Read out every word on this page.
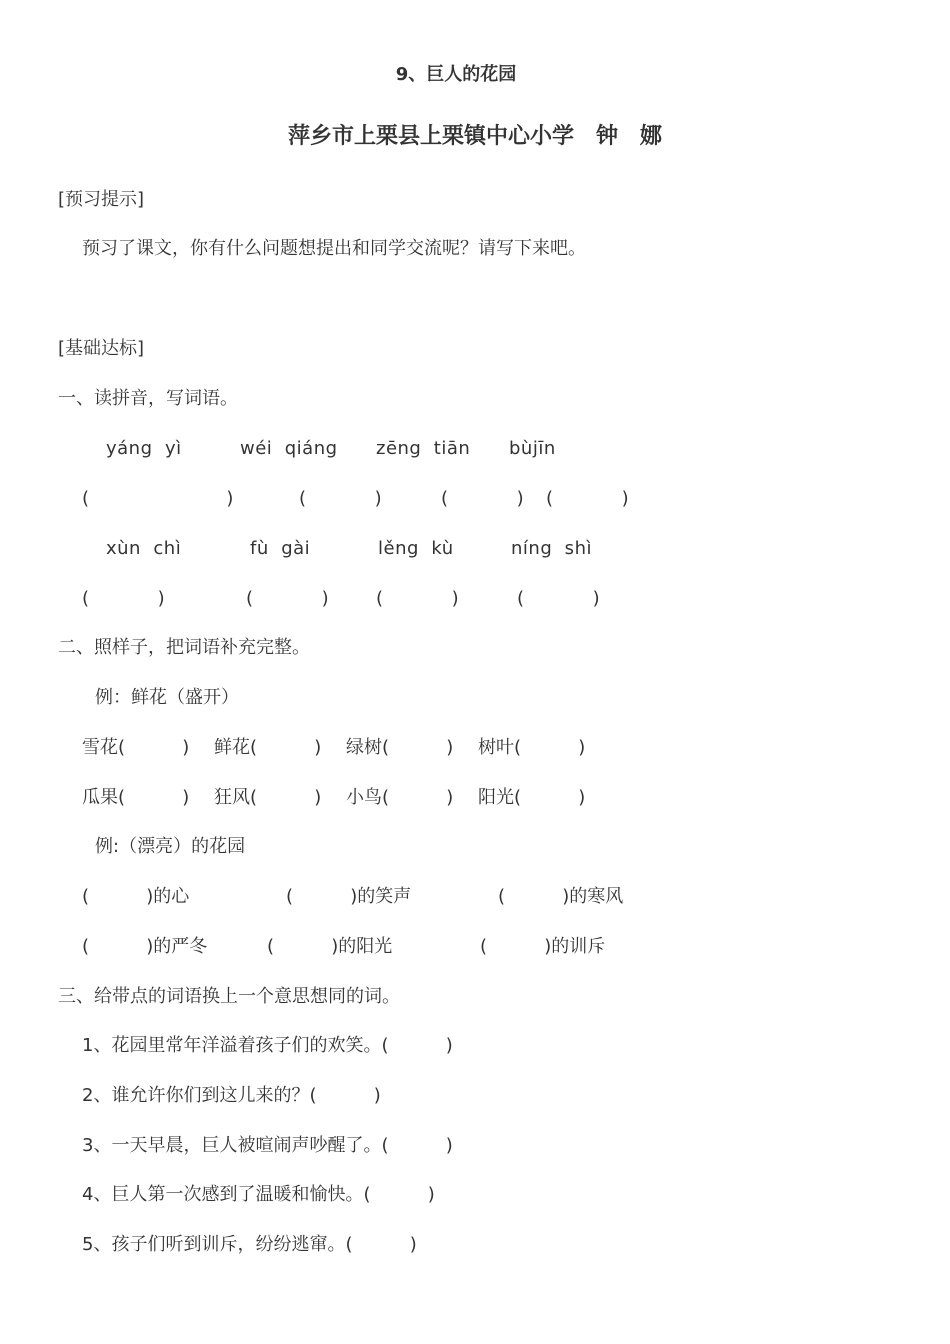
9、巨人的花园
萍乡市上栗县上栗镇中心小学　钟　娜
[预习提示]
预习了课文，你有什么问题想提出和同学交流呢？请写下来吧。
[基础达标]
一、读拼音，写词语。
yáng  yì	wéi  qiáng zēng  tiān bùjīn
(                        )	(            )	(            ) (            )
xùn  chì	fù  gài	lěng  kù	níng  shì
(            )	(            )	(            )	(            )
二、照样子，把词语补充完整。
例：鲜花（盛开）
雪花(          ) 鲜花(          ) 绿树(          ) 树叶(          )
瓜果(          ) 狂风(          ) 小鸟(          ) 阳光(          )
例:（漂亮）的花园
(          )的心	(          )的笑声	(          )的寒风
(          )的严冬	(          )的阳光	(          )的训斥
三、给带点的词语换上一个意思想同的词。
1、花园里常年洋溢着孩子们的欢笑。(          )
2、谁允许你们到这儿来的？(          )
3、一天早晨，巨人被喧闹声吵醒了。(          )
4、巨人第一次感到了温暖和愉快。(          )
5、孩子们听到训斥，纷纷逃窜。(          )
